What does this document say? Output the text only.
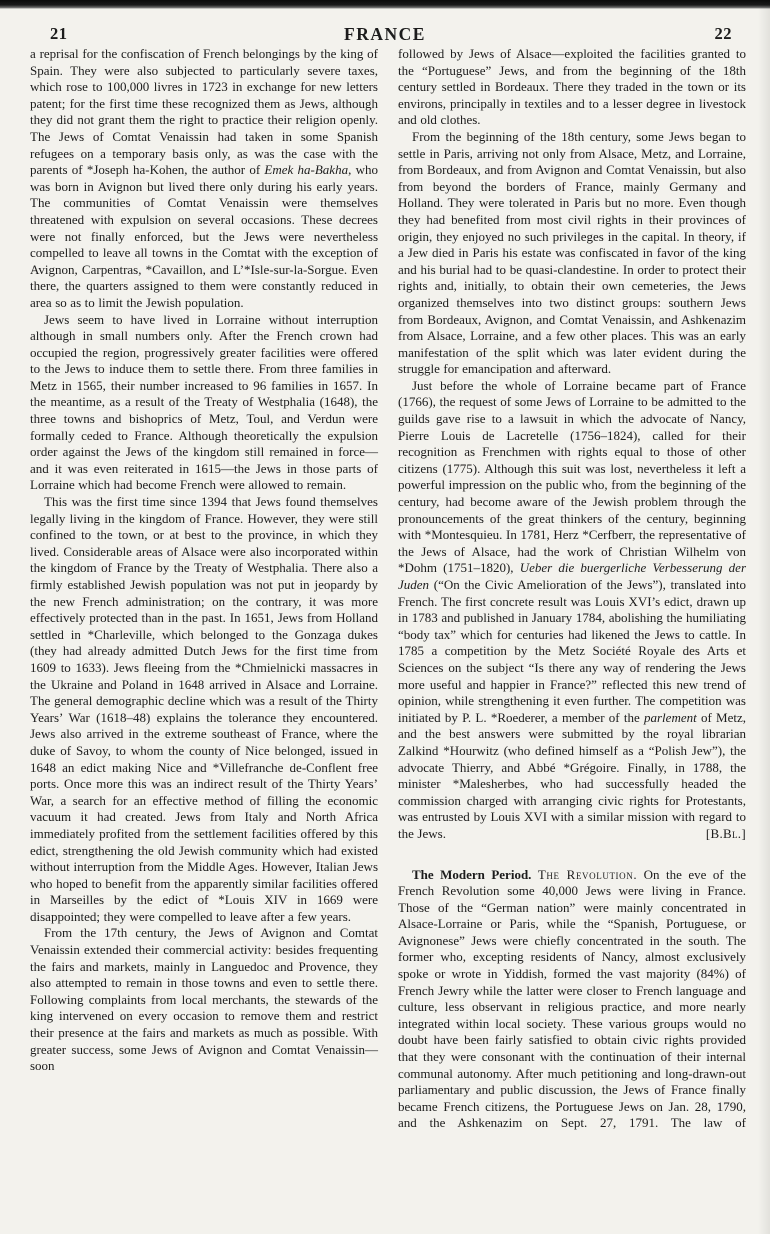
21	FRANCE	22

a reprisal for the confiscation of French belongings by the king of Spain. They were also subjected to particularly severe taxes, which rose to 100,000 livres in 1723 in exchange for new letters patent; for the first time these recognized them as Jews, although they did not grant them the right to practice their religion openly. The Jews of Comtat Venaissin had taken in some Spanish refugees on a temporary basis only, as was the case with the parents of *Joseph ha-Kohen, the author of Emek ha-Bakha, who was born in Avignon but lived there only during his early years. The communities of Comtat Venaissin were themselves threatened with expulsion on several occasions. These decrees were not finally enforced, but the Jews were nevertheless compelled to leave all towns in the Comtat with the exception of Avignon, Carpentras, *Cavaillon, and L’*Isle-sur-la-Sorgue. Even there, the quarters assigned to them were constantly reduced in area so as to limit the Jewish population.

Jews seem to have lived in Lorraine without interruption although in small numbers only. After the French crown had occupied the region, progressively greater facilities were offered to the Jews to induce them to settle there. From three families in Metz in 1565, their number increased to 96 families in 1657. In the meantime, as a result of the Treaty of Westphalia (1648), the three towns and bishoprics of Metz, Toul, and Verdun were formally ceded to France. Although theoretically the expulsion order against the Jews of the kingdom still remained in force—and it was even reiterated in 1615—the Jews in those parts of Lorraine which had become French were allowed to remain.

This was the first time since 1394 that Jews found themselves legally living in the kingdom of France. However, they were still confined to the town, or at best to the province, in which they lived. Considerable areas of Alsace were also incorporated within the kingdom of France by the Treaty of Westphalia. There also a firmly established Jewish population was not put in jeopardy by the new French administration; on the contrary, it was more effectively protected than in the past. In 1651, Jews from Holland settled in *Charleville, which belonged to the Gonzaga dukes (they had already admitted Dutch Jews for the first time from 1609 to 1633). Jews fleeing from the *Chmielnicki massacres in the Ukraine and Poland in 1648 arrived in Alsace and Lorraine. The general demographic decline which was a result of the Thirty Years’ War (1618–48) explains the tolerance they encountered. Jews also arrived in the extreme southeast of France, where the duke of Savoy, to whom the county of Nice belonged, issued in 1648 an edict making Nice and *Villefranche de-Conflent free ports. Once more this was an indirect result of the Thirty Years’ War, a search for an effective method of filling the economic vacuum it had created. Jews from Italy and North Africa immediately profited from the settlement facilities offered by this edict, strengthening the old Jewish community which had existed without interruption from the Middle Ages. However, Italian Jews who hoped to benefit from the apparently similar facilities offered in Marseilles by the edict of *Louis XIV in 1669 were disappointed; they were compelled to leave after a few years.

From the 17th century, the Jews of Avignon and Comtat Venaissin extended their commercial activity: besides frequenting the fairs and markets, mainly in Languedoc and Provence, they also attempted to remain in those towns and even to settle there. Following complaints from local merchants, the stewards of the king intervened on every occasion to remove them and restrict their presence at the fairs and markets as much as possible. With greater success, some Jews of Avignon and Comtat Venaissin—soon

followed by Jews of Alsace—exploited the facilities granted to the “Portuguese” Jews, and from the beginning of the 18th century settled in Bordeaux. There they traded in the town or its environs, principally in textiles and to a lesser degree in livestock and old clothes.

From the beginning of the 18th century, some Jews began to settle in Paris, arriving not only from Alsace, Metz, and Lorraine, from Bordeaux, and from Avignon and Comtat Venaissin, but also from beyond the borders of France, mainly Germany and Holland. They were tolerated in Paris but no more. Even though they had benefited from most civil rights in their provinces of origin, they enjoyed no such privileges in the capital. In theory, if a Jew died in Paris his estate was confiscated in favor of the king and his burial had to be quasi-clandestine. In order to protect their rights and, initially, to obtain their own cemeteries, the Jews organized themselves into two distinct groups: southern Jews from Bordeaux, Avignon, and Comtat Venaissin, and Ashkenazim from Alsace, Lorraine, and a few other places. This was an early manifestation of the split which was later evident during the struggle for emancipation and afterward.

Just before the whole of Lorraine became part of France (1766), the request of some Jews of Lorraine to be admitted to the guilds gave rise to a lawsuit in which the advocate of Nancy, Pierre Louis de Lacretelle (1756–1824), called for their recognition as Frenchmen with rights equal to those of other citizens (1775). Although this suit was lost, nevertheless it left a powerful impression on the public who, from the beginning of the century, had become aware of the Jewish problem through the pronouncements of the great thinkers of the century, beginning with *Montesquieu. In 1781, Herz *Cerfberr, the representative of the Jews of Alsace, had the work of Christian Wilhelm von *Dohm (1751–1820), Ueber die buergerliche Verbesserung der Juden (“On the Civic Amelioration of the Jews”), translated into French. The first concrete result was Louis XVI’s edict, drawn up in 1783 and published in January 1784, abolishing the humiliating “body tax” which for centuries had likened the Jews to cattle. In 1785 a competition by the Metz Société Royale des Arts et Sciences on the subject “Is there any way of rendering the Jews more useful and happier in France?” reflected this new trend of opinion, while strengthening it even further. The competition was initiated by P. L. *Roederer, a member of the parlement of Metz, and the best answers were submitted by the royal librarian Zalkind *Hourwitz (who defined himself as a “Polish Jew”), the advocate Thierry, and Abbé *Grégoire. Finally, in 1788, the minister *Malesherbes, who had successfully headed the commission charged with arranging civic rights for Protestants, was entrusted by Louis XVI with a similar mission with regard to the Jews.	[B.Bl.]

The Modern Period. The Revolution. On the eve of the French Revolution some 40,000 Jews were living in France. Those of the “German nation” were mainly concentrated in Alsace-Lorraine or Paris, while the “Spanish, Portuguese, or Avignonese” Jews were chiefly concentrated in the south. The former who, excepting residents of Nancy, almost exclusively spoke or wrote in Yiddish, formed the vast majority (84%) of French Jewry while the latter were closer to French language and culture, less observant in religious practice, and more nearly integrated within local society. These various groups would no doubt have been fairly satisfied to obtain civic rights provided that they were consonant with the continuation of their internal communal autonomy. After much petitioning and long-drawn-out parliamentary and public discussion, the Jews of France finally became French citizens, the Portuguese Jews on Jan. 28, 1790, and the Ashkenazim on Sept. 27, 1791. The law of
